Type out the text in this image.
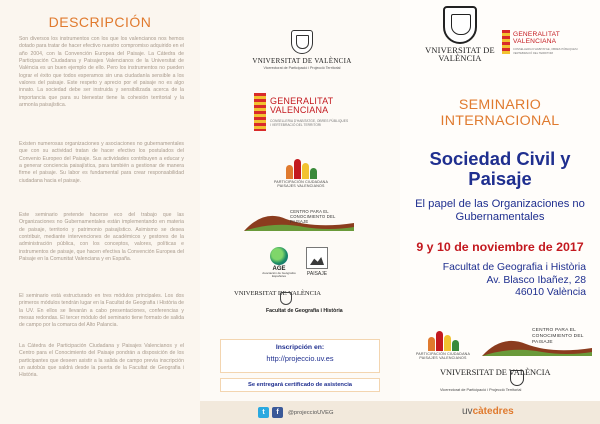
DESCRIPCIÓN

Son diversos los instrumentos con los que los valencianos nos hemos dotado para tratar de hacer efectivo nuestro compromiso adquirido en el año 2004, con la Convención Europea del Paisaje. La Cátedra de Participación Ciudadana y Paisajes Valencianos de la Universitat de València es un buen ejemplo de ello. Pero los instrumentos no pueden lograr el éxito que todos esperamos sin una ciudadanía sensible a los valores del paisaje. Este respeto y aprecio por el paisaje no es algo innato. La sociedad debe ser instruida y sensibilizada acerca de la importancia que para su bienestar tiene la cohesión territorial y la armonía paisajística.

Existen numerosas organizaciones y asociaciones no gubernamentales que con su actividad tratan de hacer efectivo los postulados del Convenio Europeo del Paisaje. Sus actividades contribuyen a educar y a generar conciencia paisajística, para también a gestionar de manera firme el paisaje. Su labor es fundamental para crear responsabilidad ciudadana hacia el paisaje.

Este seminario pretende hacerse eco del trabajo que las Organizaciones no Gubernamentales están implementando en materia de paisaje, territorio y patrimonio paisajístico. Asimismo se desea contribuir, mediante intervenciones de académicos y gestores de la administración pública, con los conceptos, valores, políticas e instrumentos de paisaje, que hacen efectiva la Convención Europea del Paisaje en la Comunitat Valenciana y en España.

El seminario está estructurado en tres módulos principales. Los dos primeros módulos tendrán lugar en la Facultat de Geografia i Història de la UV. En ellos se llevarán a cabo presentaciones, conferencias y mesas redondas. El tercer módulo del seminario tiene formato de salida de campo por la comarca del Alto Palancia.

La Cátedra de Participación Ciudadana y Paisajes Valencianos y el Centro para el Conocimiento del Paisaje pondrán a disposición de los participantes que deseen asistir a la salida de campo previa inscripción un autobús que saldrá desde la puerta de la Facultat de Geografia i Història.

VNIVERSITAT DE VALÈNCIA
Vicerectorat de Participació i Projecció Territorial
GENERALITAT VALENCIANA
CONSELLERIA D'HABITATGE, OBRES PÚBLIQUES I VERTEBRACIÓ DEL TERRITORI
PARTICIPACIÓN CIUDADANA PAISAJES VALENCIANOS
CENTRO PARA EL CONOCIMIENTO DEL PAISAJE
AGE
Asociación de Geógrafos Españoles	PAISAJE
VNIVERSITAT DE VALÈNCIA
Facultat de Geografia i Història
Inscripción en:
http://projeccio.uv.es
Se entregará certificado de asistencia
VNIVERSITAT DE VALÈNCIA
GENERALITAT VALENCIANA
CONSELLERIA D'HABITATGE, OBRES PÚBLIQUES I VERTEBRACIÓ DEL TERRITORI
SEMINARIO INTERNACIONAL
Sociedad Civil y Paisaje
El papel de las Organizaciones no Gubernamentales
9 y 10 de noviembre de 2017
Facultat de Geografia i Història
Av. Blasco Ibañez, 28
46010 València
PARTICIPACIÓN CIUDADANA PAISAJES VALENCIANOS
CENTRO PARA EL CONOCIMIENTO DEL PAISAJE
VNIVERSITAT DE VALÈNCIA
Vicerectorat de Participació i Projecció Territorial
t	f	@projeccioUVEG	uvcàtedres
